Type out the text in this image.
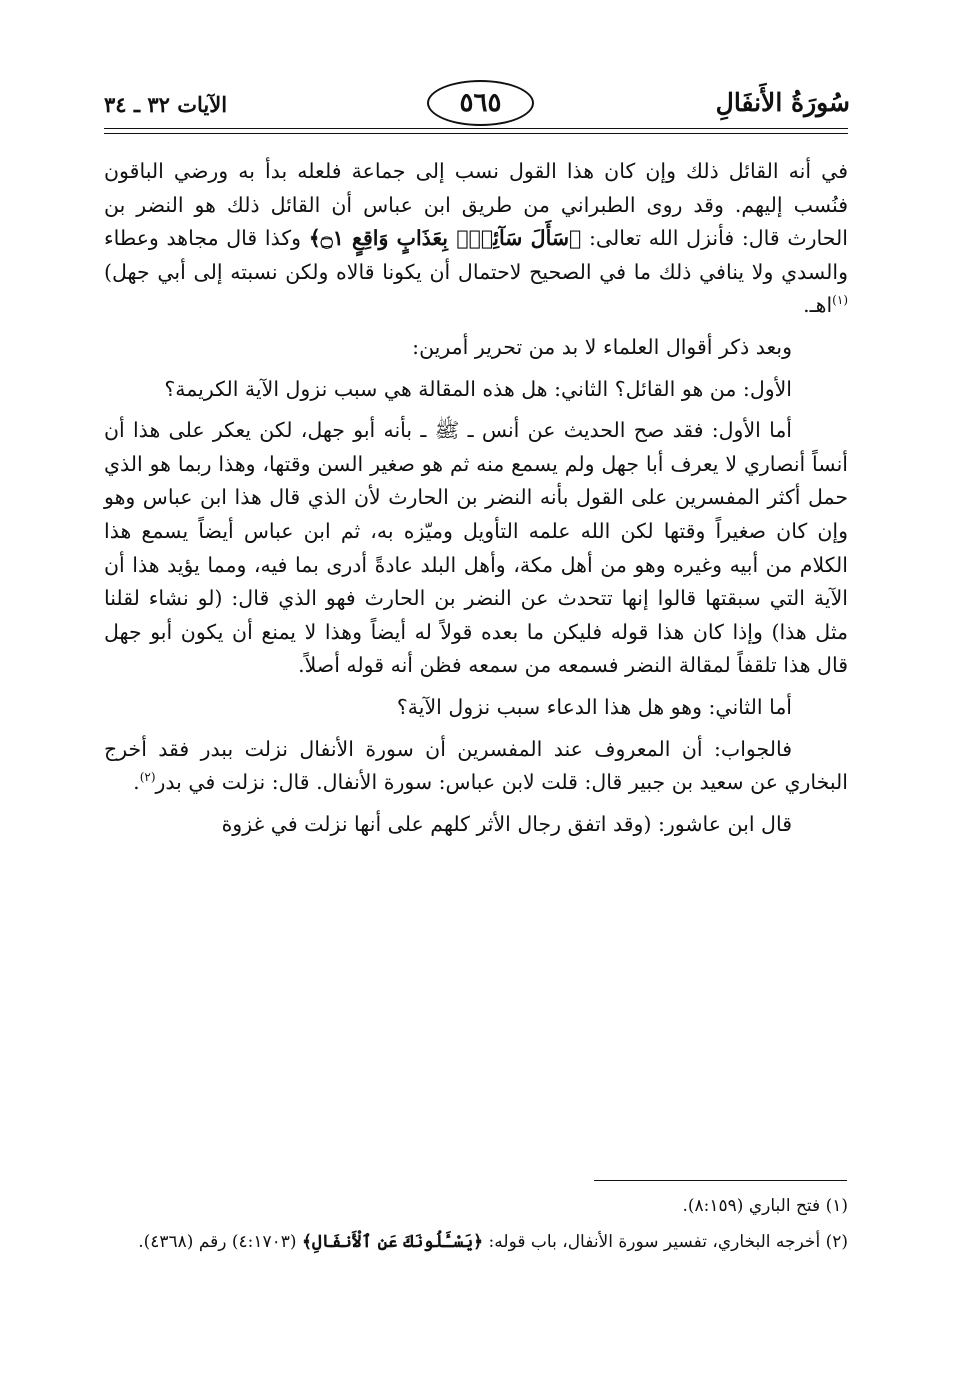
سُورَةُ الأَنفَالِ
٥٦٥
الآيات ٣٢ ـ ٣٤

في أنه القائل ذلك وإن كان هذا القول نسب إلى جماعة فلعله بدأ به ورضي الباقون فنُسب إليهم. وقد روى الطبراني من طريق ابن عباس أن القائل ذلك هو النضر بن الحارث قال: فأنزل الله تعالى: ﴿سَأَلَ سَآئِلُۢ بِعَذَابٍ وَاقِعٍ ۝١﴾ وكذا قال مجاهد وعطاء والسدي ولا ينافي ذلك ما في الصحيح لاحتمال أن يكونا قالاه ولكن نسبته إلى أبي جهل)$^{(١)}$اهـ.

وبعد ذكر أقوال العلماء لا بد من تحرير أمرين:

الأول: من هو القائل؟ الثاني: هل هذه المقالة هي سبب نزول الآية الكريمة؟

أما الأول: فقد صح الحديث عن أنس ـ ﷺ ـ بأنه أبو جهل، لكن يعكر على هذا أن أنساً أنصاري لا يعرف أبا جهل ولم يسمع منه ثم هو صغير السن وقتها، وهذا ربما هو الذي حمل أكثر المفسرين على القول بأنه النضر بن الحارث لأن الذي قال هذا ابن عباس وهو وإن كان صغيراً وقتها لكن الله علمه التأويل وميّزه به، ثم ابن عباس أيضاً يسمع هذا الكلام من أبيه وغيره وهو من أهل مكة، وأهل البلد عادةً أدرى بما فيه، ومما يؤيد هذا أن الآية التي سبقتها قالوا إنها تتحدث عن النضر بن الحارث فهو الذي قال: (لو نشاء لقلنا مثل هذا) وإذا كان هذا قوله فليكن ما بعده قولاً له أيضاً وهذا لا يمنع أن يكون أبو جهل قال هذا تلقفاً لمقالة النضر فسمعه من سمعه فظن أنه قوله أصلاً.

أما الثاني: وهو هل هذا الدعاء سبب نزول الآية؟

فالجواب: أن المعروف عند المفسرين أن سورة الأنفال نزلت ببدر فقد أخرج البخاري عن سعيد بن جبير قال: قلت لابن عباس: سورة الأنفال. قال: نزلت في بدر$^{(٢)}$.

قال ابن عاشور: (وقد اتفق رجال الأثر كلهم على أنها نزلت في غزوة

(١) فتح الباري (٨:١٥٩).
(٢) أخرجه البخاري، تفسير سورة الأنفال، باب قوله: ﴿يَسْـَٔلُونَكَ عَنِ ٱلْأَنفَالِ﴾ (٤:١٧٠٣) رقم (٤٣٦٨).
